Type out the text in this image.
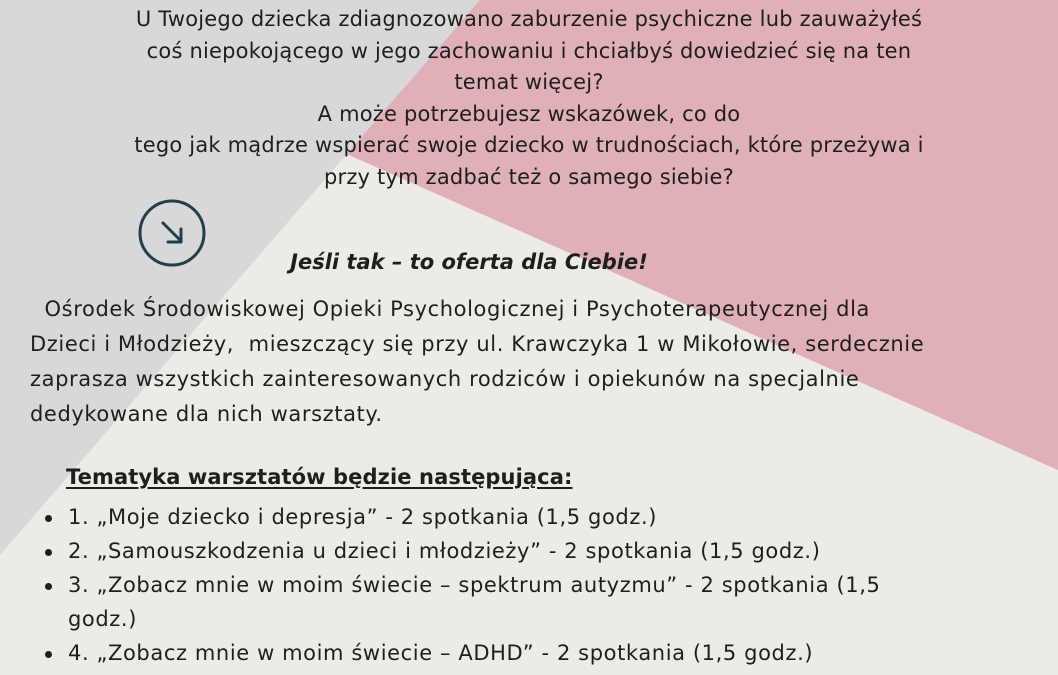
U Twojego dziecka zdiagnozowano zaburzenie psychiczne lub zauważyłeś
coś niepokojącego w jego zachowaniu i chciałbyś dowiedzieć się na ten
temat więcej?
A może potrzebujesz wskazówek, co do
tego jak mądrze wspierać swoje dziecko w trudnościach, które przeżywa i
przy tym zadbać też o samego siebie?
Jeśli tak – to oferta dla Ciebie!
Ośrodek Środowiskowej Opieki Psychologicznej i Psychoterapeutycznej dla
Dzieci i Młodzieży,  mieszczący się przy ul. Krawczyka 1 w Mikołowie, serdecznie
zaprasza wszystkich zainteresowanych rodziców i opiekunów na specjalnie
dedykowane dla nich warsztaty.
Tematyka warsztatów będzie następująca:
1. „Moje dziecko i depresja” - 2 spotkania (1,5 godz.)
2. „Samouszkodzenia u dzieci i młodzieży” - 2 spotkania (1,5 godz.)
3. „Zobacz mnie w moim świecie – spektrum autyzmu” - 2 spotkania (1,5
godz.)
4. „Zobacz mnie w moim świecie – ADHD” - 2 spotkania (1,5 godz.)
